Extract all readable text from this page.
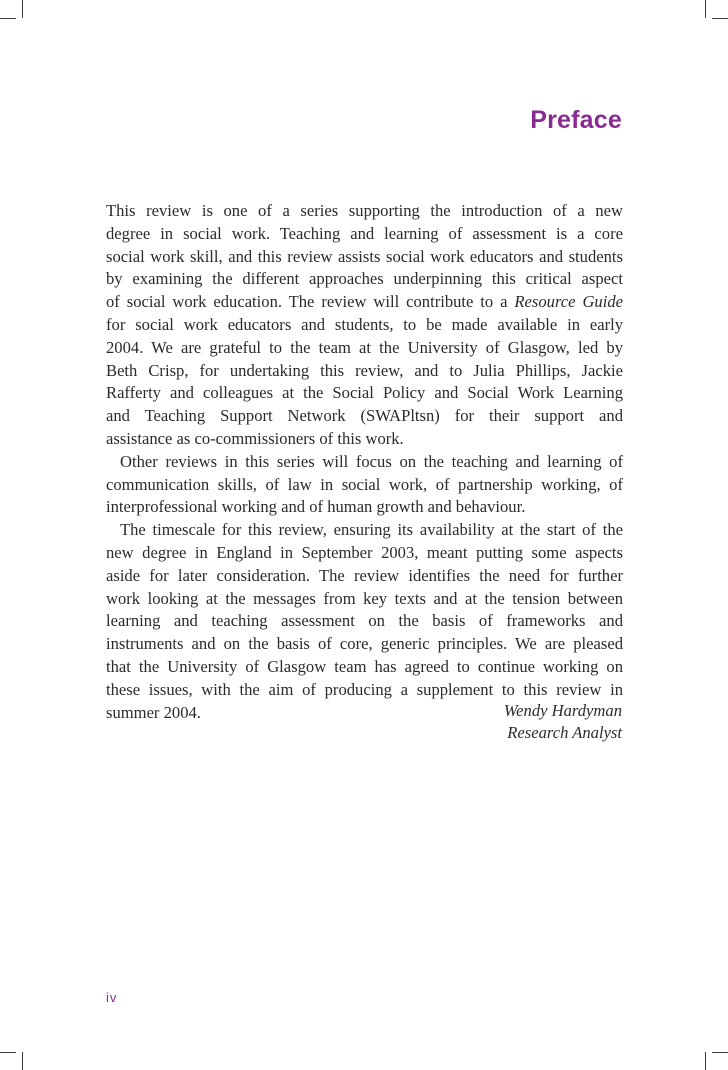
Preface
This review is one of a series supporting the introduction of a new
degree in social work. Teaching and learning of assessment is a core
social work skill, and this review assists social work educators and students
by examining the different approaches underpinning this critical aspect
of social work education. The review will contribute to a Resource Guide
for social work educators and students, to be made available in early
2004. We are grateful to the team at the University of Glasgow, led by
Beth Crisp, for undertaking this review, and to Julia Phillips, Jackie
Rafferty and colleagues at the Social Policy and Social Work Learning
and Teaching Support Network (SWAPltsn) for their support and
assistance as co-commissioners of this work.
Other reviews in this series will focus on the teaching and learning of
communication skills, of law in social work, of partnership working, of
interprofessional working and of human growth and behaviour.
The timescale for this review, ensuring its availability at the start of the
new degree in England in September 2003, meant putting some aspects
aside for later consideration. The review identifies the need for further
work looking at the messages from key texts and at the tension between
learning and teaching assessment on the basis of frameworks and
instruments and on the basis of core, generic principles. We are pleased
that the University of Glasgow team has agreed to continue working on
these issues, with the aim of producing a supplement to this review in
summer 2004.	Wendy Hardyman
Research Analyst
iv
